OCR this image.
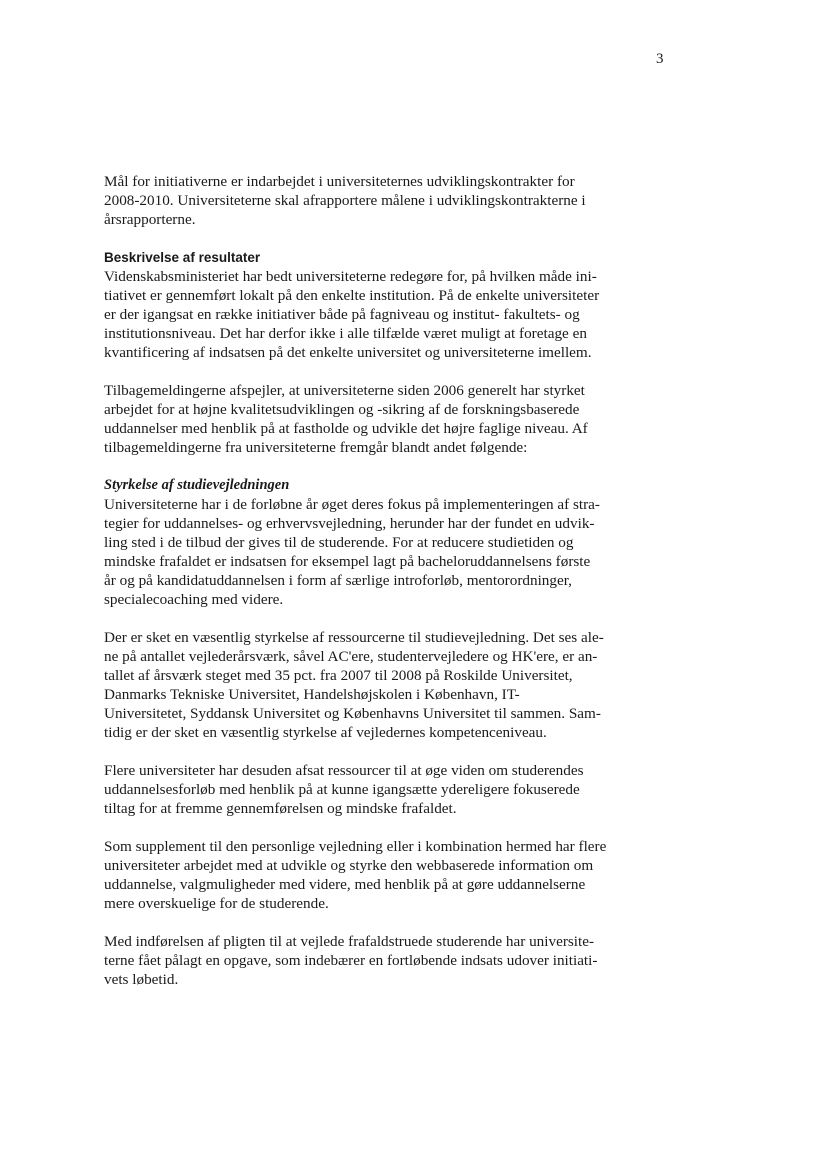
3

Mål for initiativerne er indarbejdet i universiteternes udviklingskontrakter for
2008-2010. Universiteterne skal afrapportere målene i udviklingskontrakterne i
årsrapporterne.

Beskrivelse af resultater

Videnskabsministeriet har bedt universiteterne redegøre for, på hvilken måde ini-
tiativet er gennemført lokalt på den enkelte institution. På de enkelte universiteter
er der igangsat en række initiativer både på fagniveau og institut- fakultets- og
institutionsniveau. Det har derfor ikke i alle tilfælde været muligt at foretage en
kvantificering af indsatsen på det enkelte universitet og universiteterne imellem.

Tilbagemeldingerne afspejler, at universiteterne siden 2006 generelt har styrket
arbejdet for at højne kvalitetsudviklingen og -sikring af de forskningsbaserede
uddannelser med henblik på at fastholde og udvikle det højre faglige niveau. Af
tilbagemeldingerne fra universiteterne fremgår blandt andet følgende:

Styrkelse af studievejledningen

Universiteterne har i de forløbne år øget deres fokus på implementeringen af stra-
tegier for uddannelses- og erhvervsvejledning, herunder har der fundet en udvik-
ling sted i de tilbud der gives til de studerende. For at reducere studietiden og
mindske frafaldet er indsatsen for eksempel lagt på bacheloruddannelsens første
år og på kandidatuddannelsen i form af særlige introforløb, mentorordninger,
specialecoaching med videre.

Der er sket en væsentlig styrkelse af ressourcerne til studievejledning. Det ses ale-
ne på antallet vejlederårsværk, såvel AC'ere, studentervejledere og HK'ere, er an-
tallet af årsværk steget med 35 pct. fra 2007 til 2008 på Roskilde Universitet,
Danmarks Tekniske Universitet, Handelshøjskolen i København, IT-
Universitetet, Syddansk Universitet og Københavns Universitet til sammen. Sam-
tidig er der sket en væsentlig styrkelse af vejledernes kompetenceniveau.

Flere universiteter har desuden afsat ressourcer til at øge viden om studerendes
uddannelsesforløb med henblik på at kunne igangsætte ydereligere fokuserede
tiltag for at fremme gennemførelsen og mindske frafaldet.

Som supplement til den personlige vejledning eller i kombination hermed har flere
universiteter arbejdet med at udvikle og styrke den webbaserede information om
uddannelse, valgmuligheder med videre, med henblik på at gøre uddannelserne
mere overskuelige for de studerende.

Med indførelsen af pligten til at vejlede frafaldstruede studerende har universite-
terne fået pålagt en opgave, som indebærer en fortløbende indsats udover initiati-
vets løbetid.
